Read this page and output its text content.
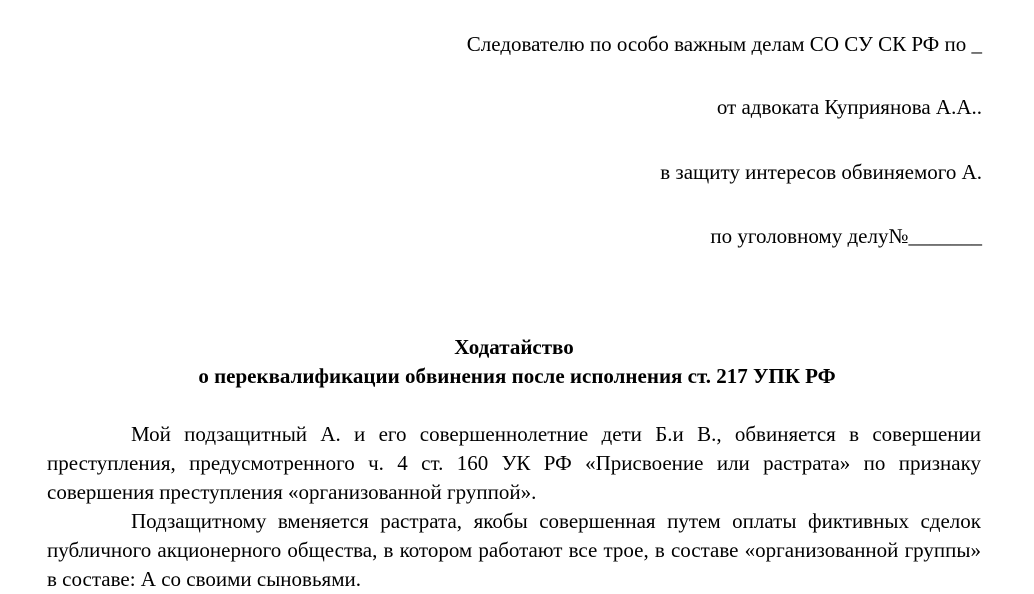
Следователю по особо важным делам СО СУ СК РФ по _
от адвоката Куприянова А.А..
в защиту интересов обвиняемого А.
по уголовному делу№_______
Ходатайство
о переквалификации обвинения после исполнения ст. 217 УПК РФ

Мой подзащитный А. и его совершеннолетние дети Б.и В., обвиняется в совершении преступления, предусмотренного ч. 4 ст. 160 УК РФ «Присвоение или растрата» по признаку совершения преступления «организованной группой».

Подзащитному вменяется растрата, якобы совершенная путем оплаты фиктивных сделок публичного акционерного общества, в котором работают все трое, в составе «организованной группы» в составе: А со своими сыновьями.
